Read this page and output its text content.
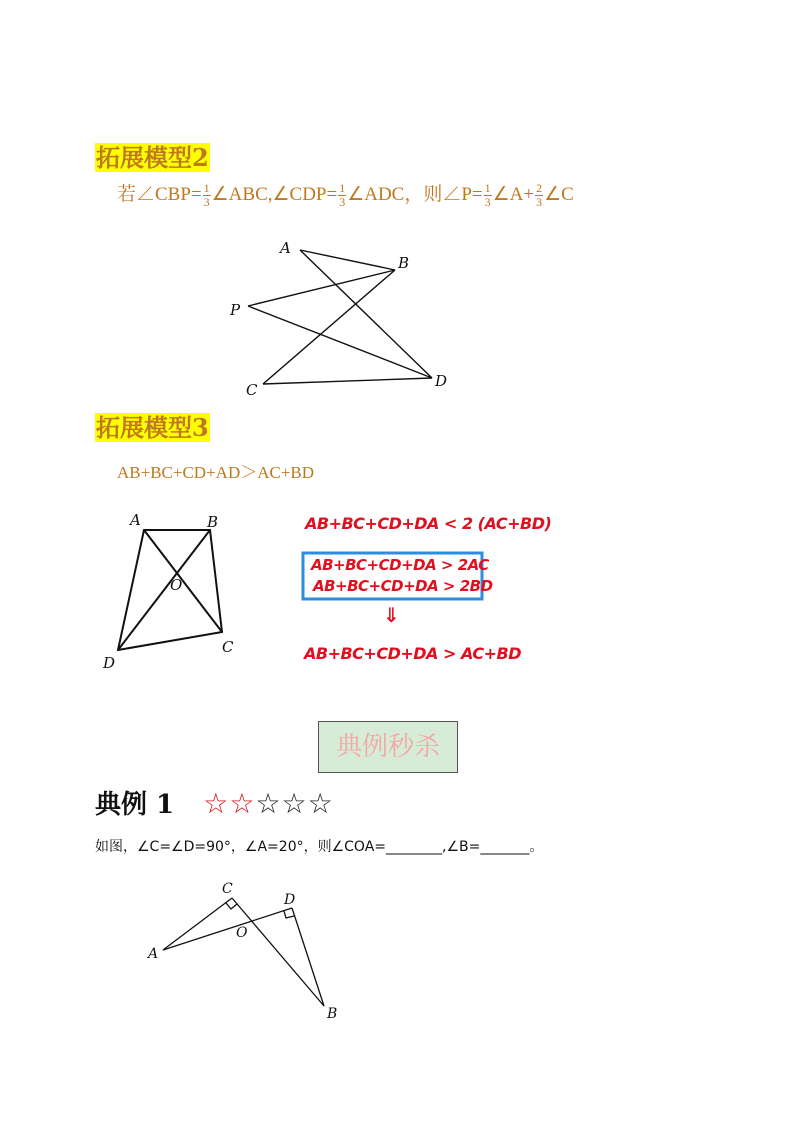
拓展模型2
若∠CBP= $\frac{1}{3}$ ∠ABC,∠CDP= $\frac{1}{3}$ ∠ADC，则∠P= $\frac{1}{3}$ ∠A+ $\frac{2}{3}$ ∠C
A
B
P
C	D
A	B
O
C
D
A
C
D
O
B
拓展模型3
AB+BC+CD+AD＞AC+BD
AB+BC+CD+DA < 2 (AC+BD)
AB+BC+CD+DA > 2AC
AB+BC+CD+DA > 2BD
⇓
AB+BC+CD+DA > AC+BD
典例秒杀
典例 1 ☆☆☆☆☆
如图，∠C=∠D=90°，∠A=20°，则∠COA=________,∠B=_______。
